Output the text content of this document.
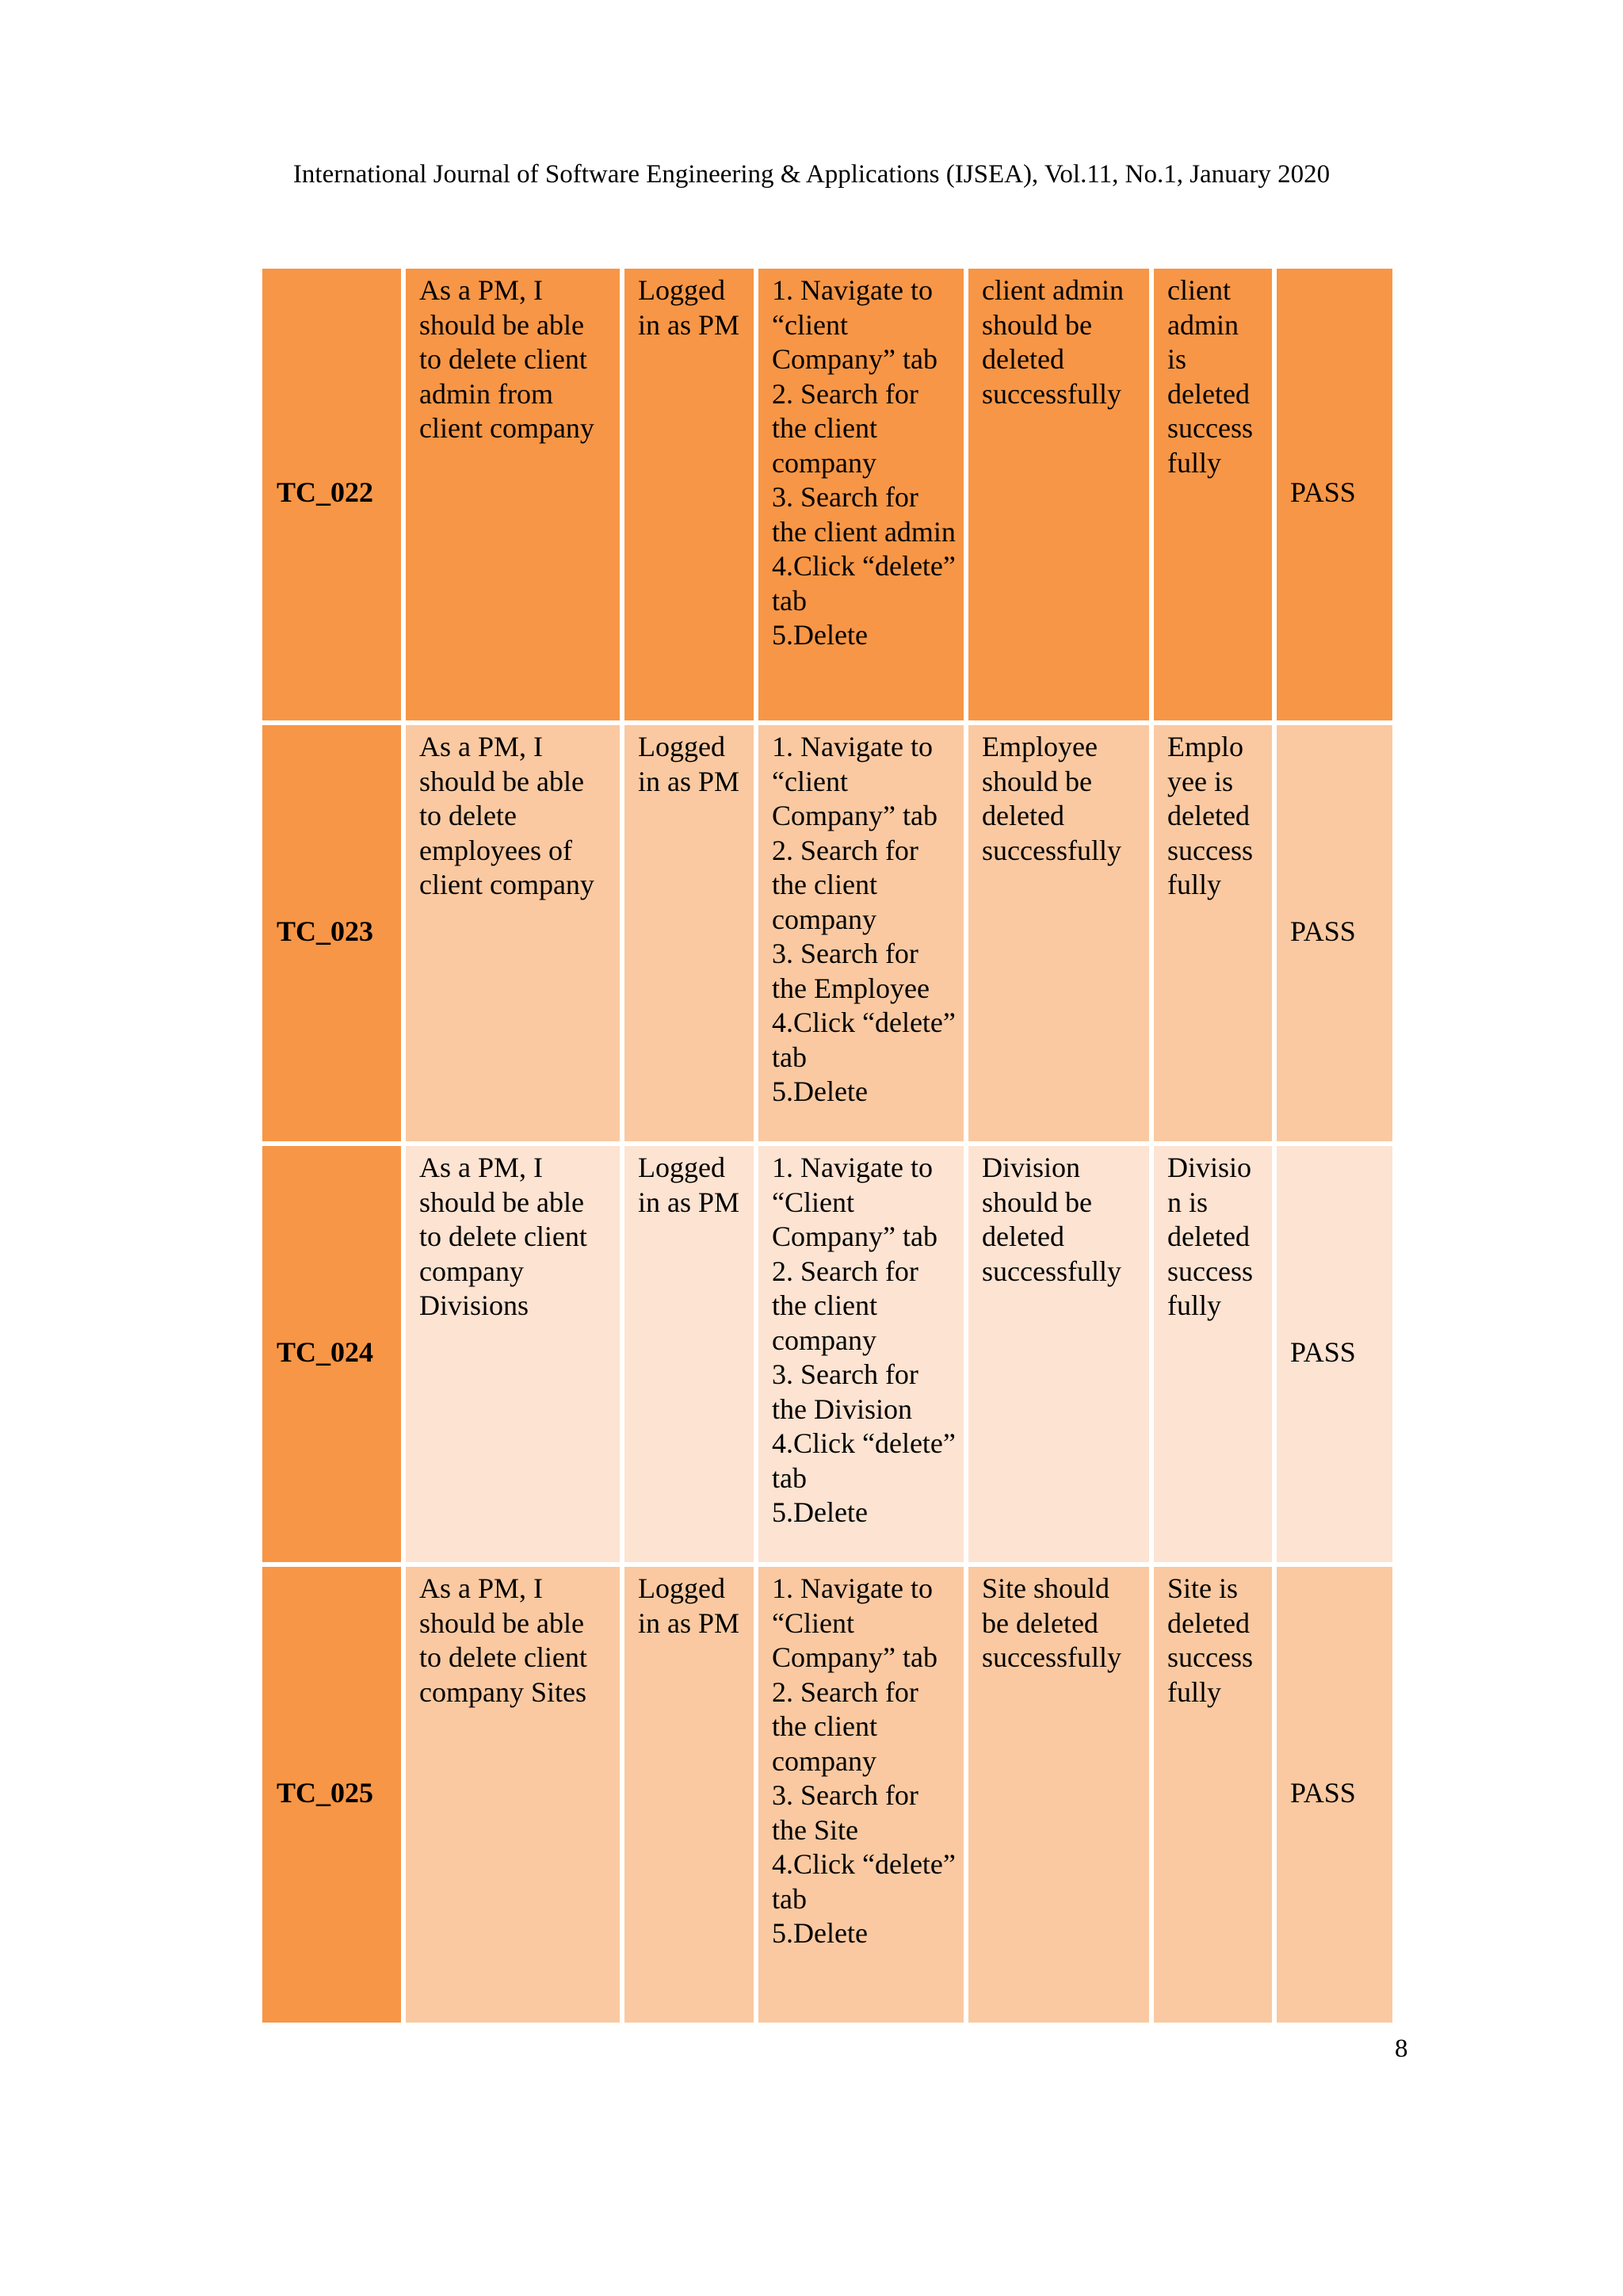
International Journal of Software Engineering & Applications (IJSEA), Vol.11, No.1, January 2020
TC_022	As a PM, I should be able to delete client admin from client company	Logged in as PM	1. Navigate to “client Company” tab
2. Search for the client company
3. Search for the client admin
4.Click “delete” tab
5.Delete	client admin should be deleted successfully	client admin is deleted success fully	PASS
TC_023	As a PM, I should be able to delete employees of client company	Logged in as PM	1. Navigate to “client Company” tab
2. Search for the client company
3. Search for the Employee
4.Click “delete” tab
5.Delete	Employee should be deleted successfully	Emplo yee is deleted success fully	PASS
TC_024	As a PM, I should be able to delete client company Divisions	Logged in as PM	1. Navigate to “Client Company” tab
2. Search for the client company
3. Search for the Division
4.Click “delete” tab
5.Delete	Division should be deleted successfully	Divisio n is deleted success fully	PASS
TC_025	As a PM, I should be able to delete client company Sites	Logged in as PM	1. Navigate to “Client Company” tab
2. Search for the client company
3. Search for the Site
4.Click “delete” tab
5.Delete	Site should be deleted successfully	Site is deleted success fully	PASS
8
